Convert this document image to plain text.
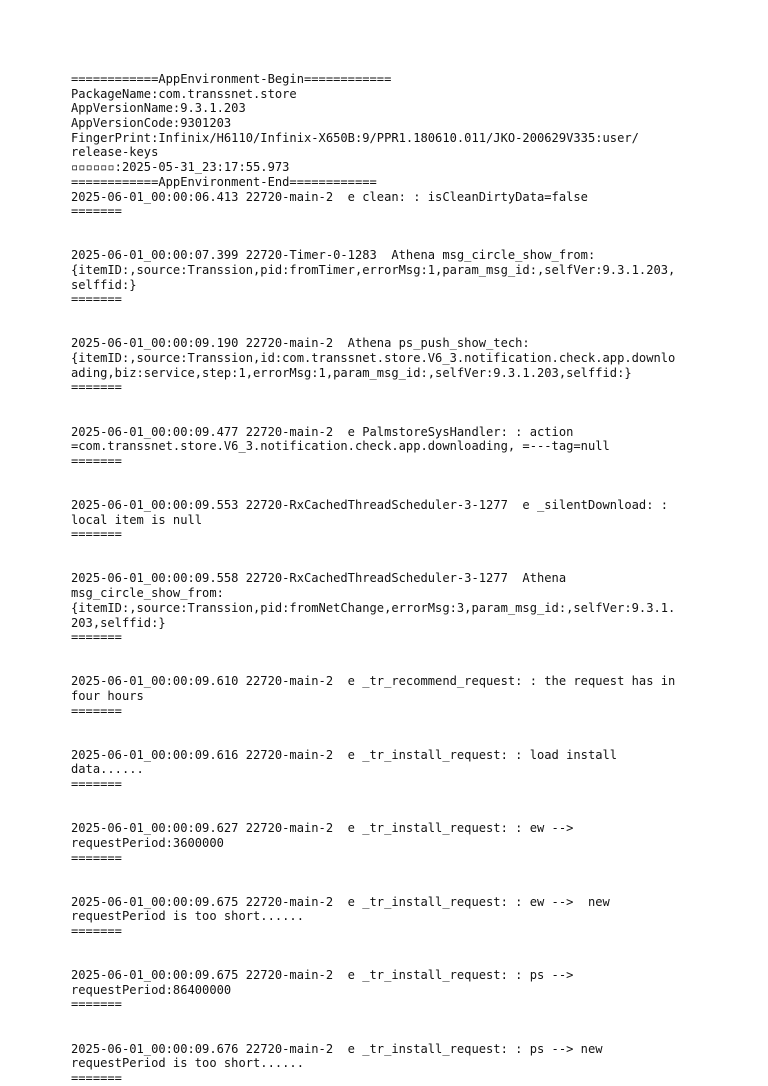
============AppEnvironment-Begin============
PackageName:com.transsnet.store
AppVersionName:9.3.1.203
AppVersionCode:9301203
FingerPrint:Infinix/H6110/Infinix-X650B:9/PPR1.180610.011/JKO-200629V335:user/
release-keys
▫▫▫▫▫▫:2025-05-31_23:17:55.973
============AppEnvironment-End============
2025-06-01_00:00:06.413 22720-main-2  e clean: : isCleanDirtyData=false
=======
2025-06-01_00:00:07.399 22720-Timer-0-1283  Athena msg_circle_show_from:
{itemID:,source:Transsion,pid:fromTimer,errorMsg:1,param_msg_id:,selfVer:9.3.1.203,
selffid:}
=======
2025-06-01_00:00:09.190 22720-main-2  Athena ps_push_show_tech:
{itemID:,source:Transsion,id:com.transsnet.store.V6_3.notification.check.app.downlo
ading,biz:service,step:1,errorMsg:1,param_msg_id:,selfVer:9.3.1.203,selffid:}
=======
2025-06-01_00:00:09.477 22720-main-2  e PalmstoreSysHandler: : action
=com.transsnet.store.V6_3.notification.check.app.downloading, =---tag=null
=======
2025-06-01_00:00:09.553 22720-RxCachedThreadScheduler-3-1277  e _silentDownload: :
local item is null
=======
2025-06-01_00:00:09.558 22720-RxCachedThreadScheduler-3-1277  Athena
msg_circle_show_from:
{itemID:,source:Transsion,pid:fromNetChange,errorMsg:3,param_msg_id:,selfVer:9.3.1.
203,selffid:}
=======
2025-06-01_00:00:09.610 22720-main-2  e _tr_recommend_request: : the request has in
four hours
=======
2025-06-01_00:00:09.616 22720-main-2  e _tr_install_request: : load install
data......
=======
2025-06-01_00:00:09.627 22720-main-2  e _tr_install_request: : ew -->
requestPeriod:3600000
=======
2025-06-01_00:00:09.675 22720-main-2  e _tr_install_request: : ew -->  new
requestPeriod is too short......
=======
2025-06-01_00:00:09.675 22720-main-2  e _tr_install_request: : ps -->
requestPeriod:86400000
=======
2025-06-01_00:00:09.676 22720-main-2  e _tr_install_request: : ps --> new
requestPeriod is too short......
=======
